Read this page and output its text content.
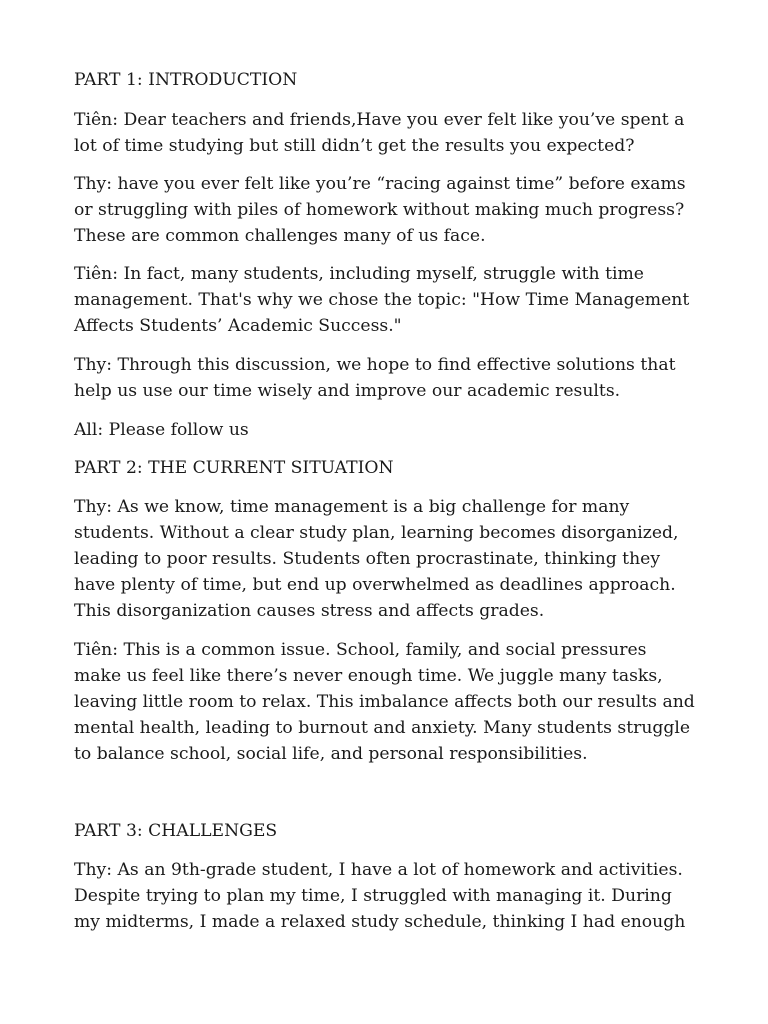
PART 1: INTRODUCTION

Tiên: Dear teachers and friends,Have you ever felt like you’ve spent a
lot of time studying but still didn’t get the results you expected?

Thy: have you ever felt like you’re “racing against time” before exams
or struggling with piles of homework without making much progress?
These are common challenges many of us face.

Tiên: In fact, many students, including myself, struggle with time
management. That's why we chose the topic: "How Time Management
Affects Students’ Academic Success."

Thy: Through this discussion, we hope to find effective solutions that
help us use our time wisely and improve our academic results.

All: Please follow us

PART 2: THE CURRENT SITUATION

Thy: As we know, time management is a big challenge for many
students. Without a clear study plan, learning becomes disorganized,
leading to poor results. Students often procrastinate, thinking they
have plenty of time, but end up overwhelmed as deadlines approach.
This disorganization causes stress and affects grades.

Tiên: This is a common issue. School, family, and social pressures
make us feel like there’s never enough time. We juggle many tasks,
leaving little room to relax. This imbalance affects both our results and
mental health, leading to burnout and anxiety. Many students struggle
to balance school, social life, and personal responsibilities.

PART 3: CHALLENGES

Thy: As an 9th-grade student, I have a lot of homework and activities.
Despite trying to plan my time, I struggled with managing it. During
my midterms, I made a relaxed study schedule, thinking I had enough
